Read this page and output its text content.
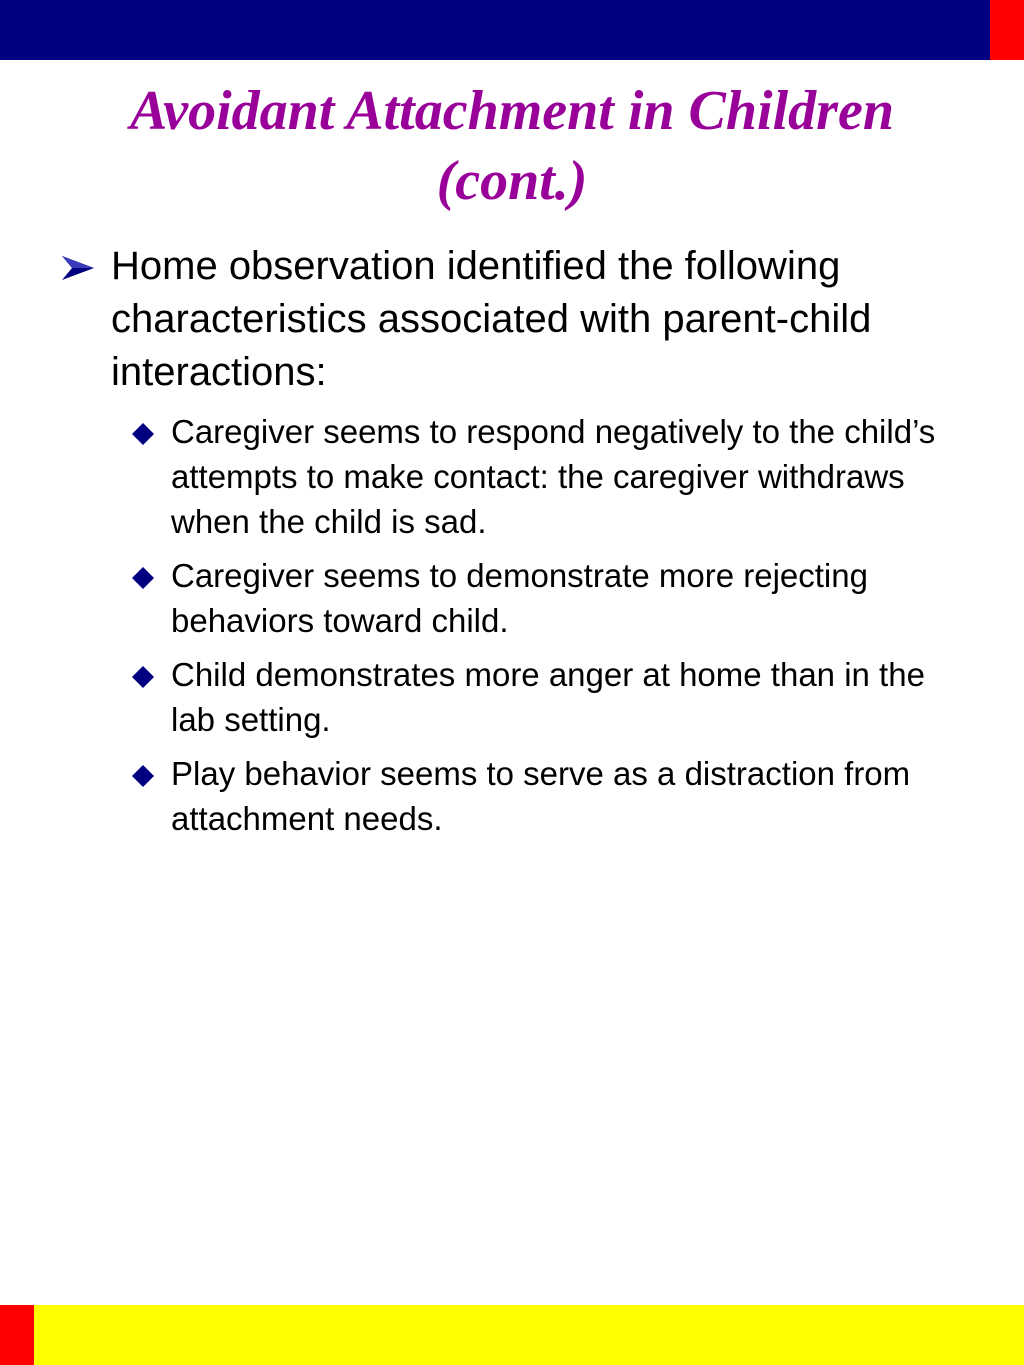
Avoidant Attachment in Children
(cont.)
Home observation identified the following characteristics associated with parent-child interactions:
Caregiver seems to respond negatively to the child’s attempts to make contact: the caregiver withdraws when the child is sad.
Caregiver seems to demonstrate more rejecting behaviors toward child.
Child demonstrates more anger at home than in the lab setting.
Play behavior seems to serve as a distraction from attachment needs.
